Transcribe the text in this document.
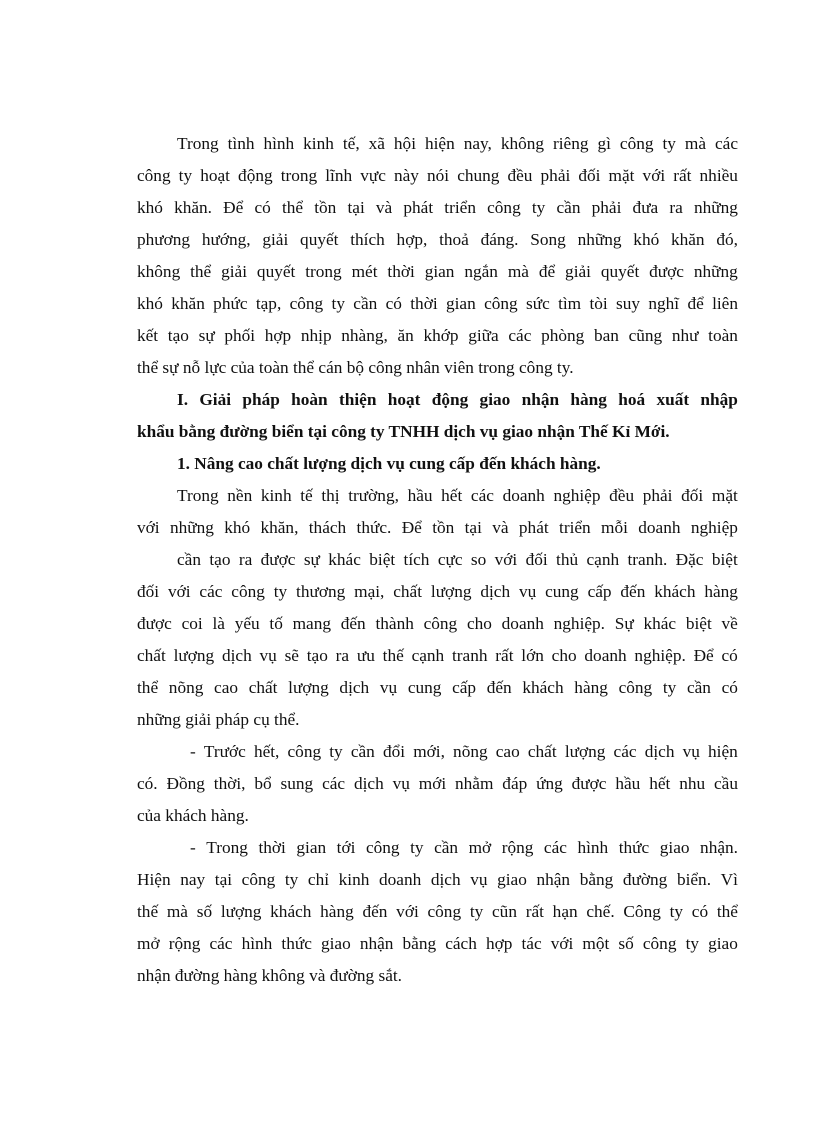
Trong tình hình kinh tế, xã hội hiện nay, không riêng gì công ty mà các

công ty hoạt động trong lĩnh vực này nói chung đều phải đối mặt với rất nhiều

khó khăn. Để có thể tồn tại và phát triển công ty cần phải đưa ra những

phương hướng, giải quyết thích hợp, thoả đáng. Song những khó khăn đó,

không thể giải quyết trong mét thời gian ngắn mà để giải quyết được những

khó khăn phức tạp, công ty cần có thời gian công sức tìm tòi suy nghĩ để liên

kết tạo sự phối hợp nhịp nhàng, ăn khớp giữa các phòng ban cũng như toàn

thể sự nỗ lực của toàn thể cán bộ công nhân viên trong công ty.

I. Giải pháp hoàn thiện hoạt động giao nhận hàng hoá xuất nhập

khẩu bằng đường biển tại công ty TNHH dịch vụ giao nhận Thế Kỉ Mới.

1. Nâng cao chất lượng dịch vụ cung cấp đến khách hàng.

Trong nền kinh tế thị trường, hầu hết các doanh nghiệp đều phải đối mặt

với những khó khăn, thách thức. Để tồn tại và phát triển mỗi doanh nghiệp

cần tạo ra được sự khác biệt tích cực so với đối thủ cạnh tranh. Đặc biệt

đối với các công ty thương mại, chất lượng dịch vụ cung cấp đến khách hàng

được coi là yếu tố mang đến thành công cho doanh nghiệp. Sự khác biệt về

chất lượng dịch vụ sẽ tạo ra ưu thế cạnh tranh rất lớn cho doanh nghiệp. Để có

thể nõng cao chất lượng dịch vụ cung cấp đến khách hàng công ty cần có

những giải pháp cụ thể.

- Trước hết, công ty cần đổi mới, nõng cao chất lượng các dịch vụ hiện

có. Đồng thời, bổ sung các dịch vụ mới nhằm đáp ứng được hầu hết nhu cầu

của khách hàng.

- Trong thời gian tới công ty cần mở rộng các hình thức giao nhận.

Hiện nay tại công ty chỉ kinh doanh dịch vụ giao nhận bằng đường biển. Vì

thế mà số lượng khách hàng đến với công ty cũn rất hạn chế. Công ty có thể

mở rộng các hình thức giao nhận bằng cách hợp tác với một số công ty giao

nhận đường hàng không và đường sắt.
